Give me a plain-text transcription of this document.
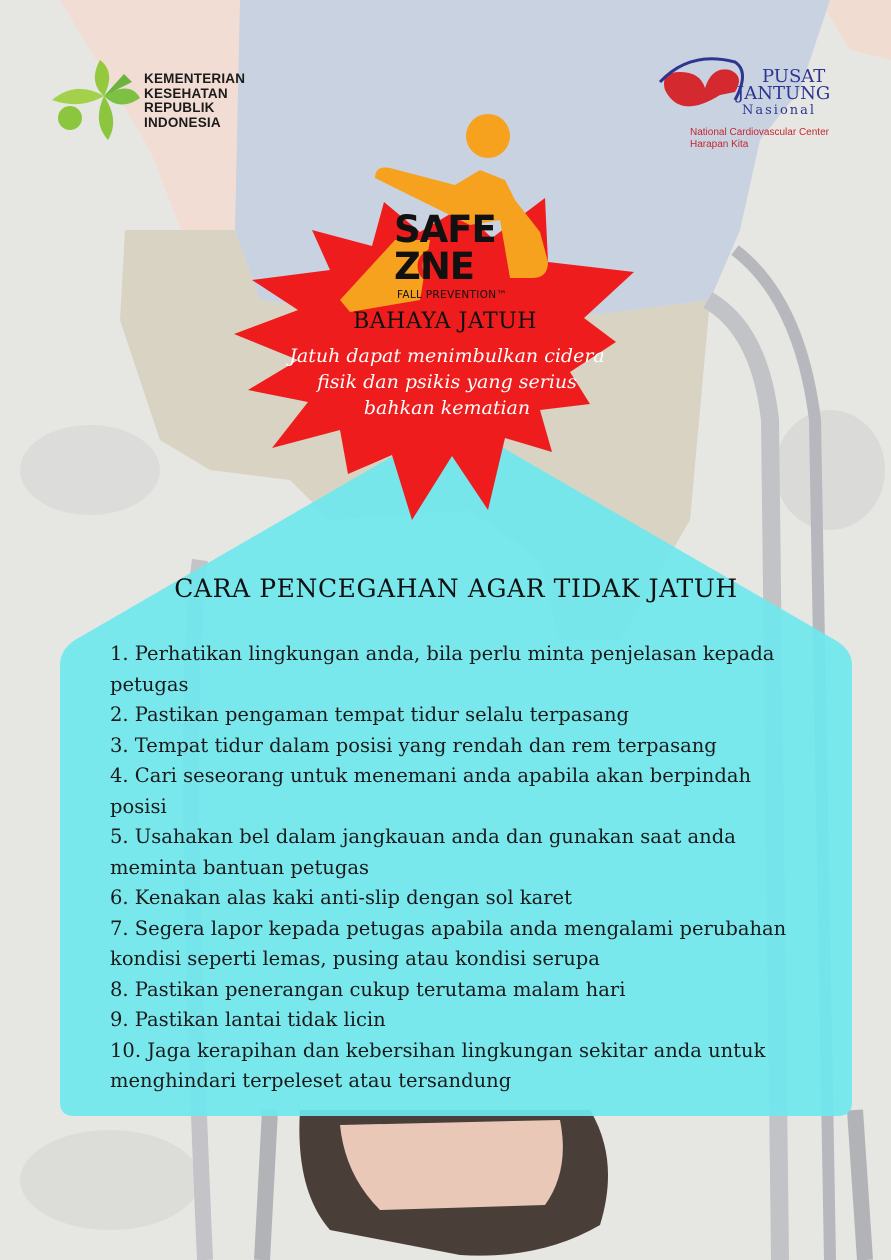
KEMENTERIAN
KESEHATAN
REPUBLIK
INDONESIA
PUSAT
JANTUNG
Nasional
National Cardiovascular Center
Harapan Kita
SAFE
ZNE
FALL PREVENTION™
BAHAYA JATUH
Jatuh dapat menimbulkan cidera
fisik dan psikis yang serius
bahkan kematian
CARA PENCEGAHAN AGAR TIDAK JATUH
1. Perhatikan lingkungan anda, bila perlu minta penjelasan kepada
petugas
2. Pastikan pengaman tempat tidur selalu terpasang
3. Tempat tidur dalam posisi yang rendah dan rem terpasang
4. Cari seseorang untuk menemani anda apabila akan berpindah
posisi
5. Usahakan bel dalam jangkauan anda dan gunakan saat anda
meminta bantuan petugas
6. Kenakan alas kaki anti-slip dengan sol karet
7. Segera lapor kepada petugas apabila anda mengalami perubahan
kondisi seperti lemas, pusing atau kondisi serupa
8. Pastikan penerangan cukup terutama malam hari
9. Pastikan lantai tidak licin
10. Jaga kerapihan dan kebersihan lingkungan sekitar anda untuk
menghindari terpeleset atau tersandung
